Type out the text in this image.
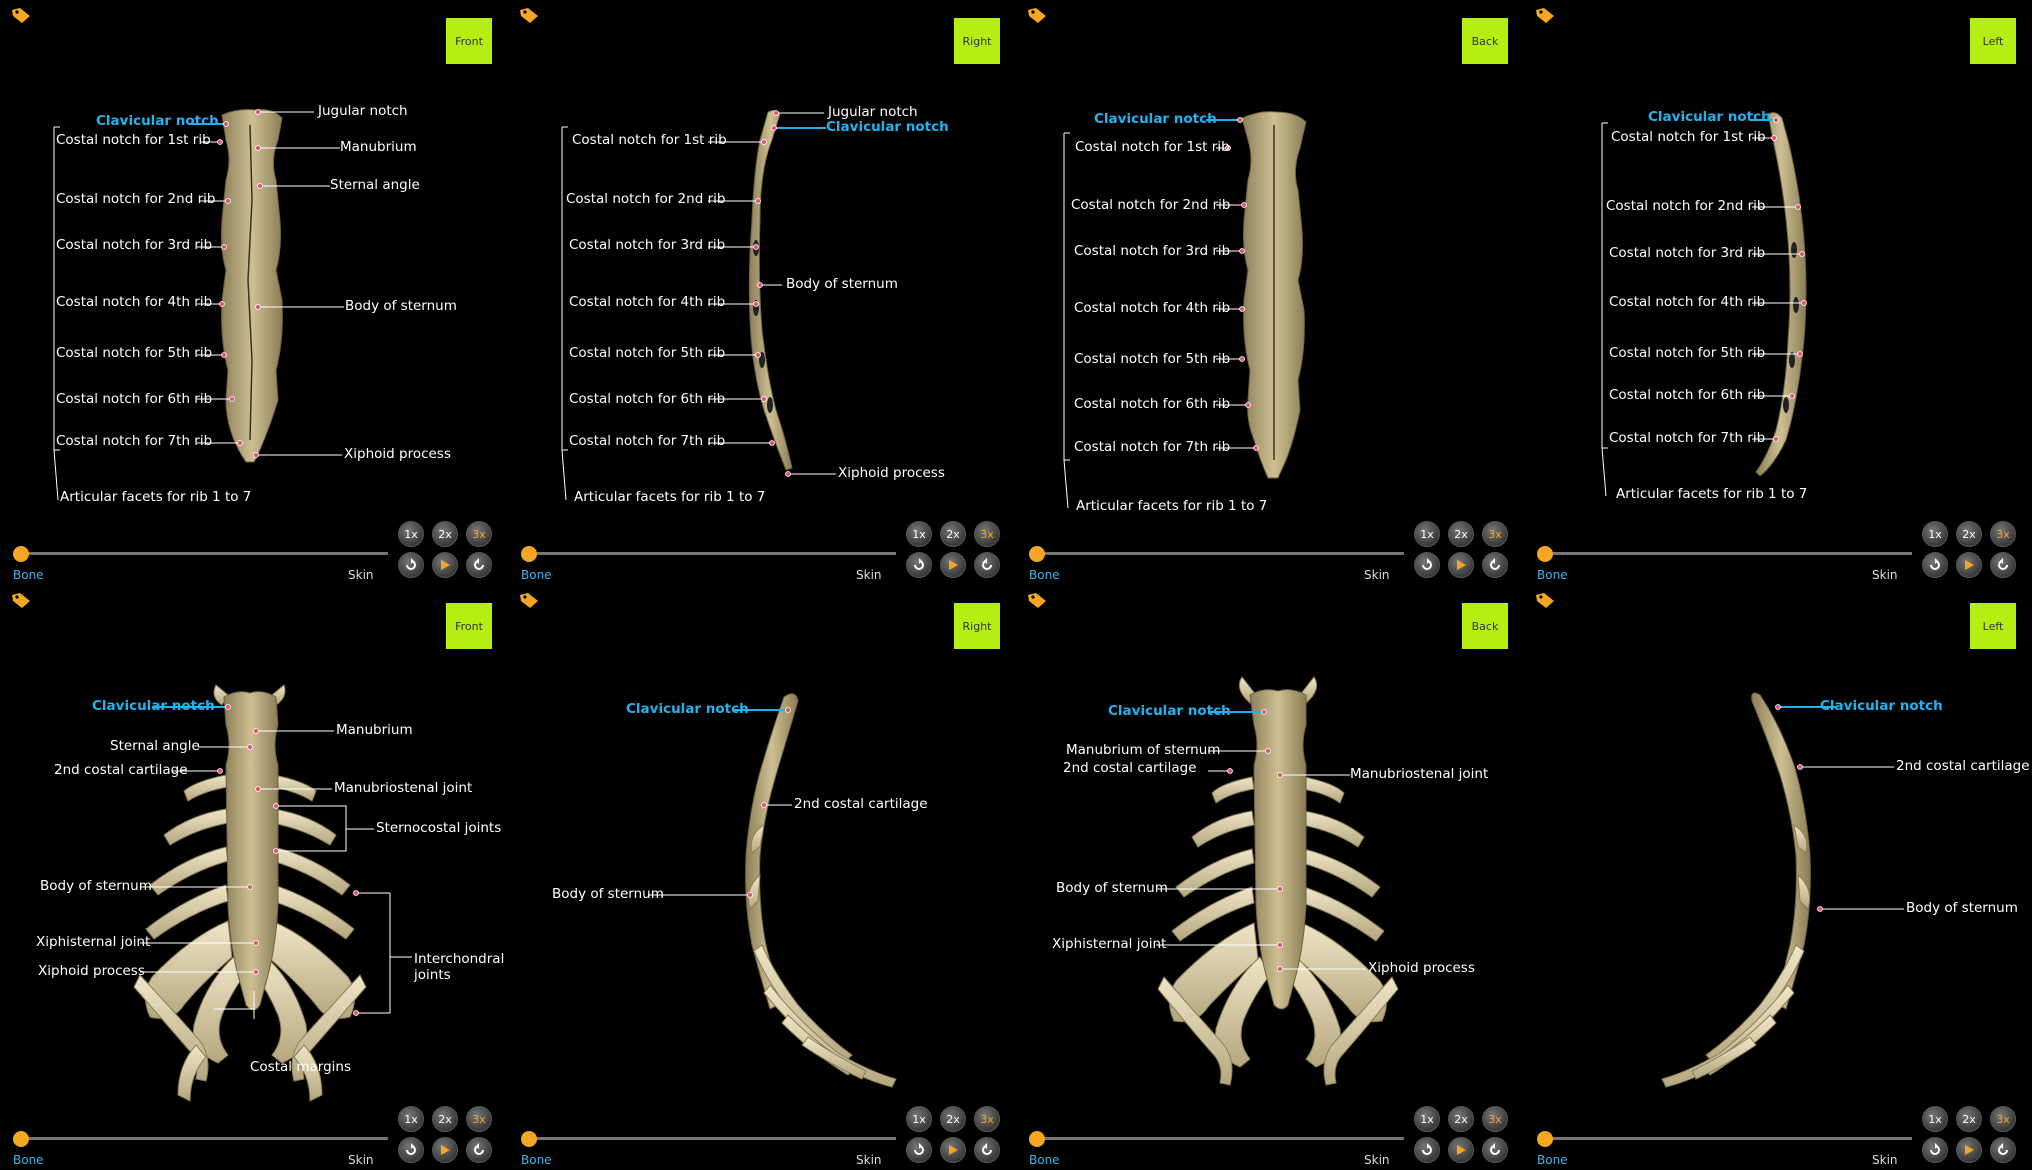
Front
Clavicular notch
Jugular notch
Costal notch for 1st rib	Manubrium
Sternal angle
Costal notch for 2nd rib
Costal notch for 3rd rib
Costal notch for 4th rib	Body of sternum
Costal notch for 5th rib
Costal notch for 6th rib
Costal notch for 7th rib
Xiphoid process
Articular facets for rib 1 to 7
Bone	Skin
1x	2x	3x
Right
Jugular notch
Clavicular notch
Costal notch for 1st rib
Costal notch for 2nd rib
Costal notch for 3rd rib
Body of sternum
Costal notch for 4th rib
Costal notch for 5th rib
Costal notch for 6th rib
Costal notch for 7th rib
Xiphoid process
Articular facets for rib 1 to 7
Bone	Skin
1x	2x	3x
Back
Clavicular notch
Costal notch for 1st rib
Costal notch for 2nd rib
Costal notch for 3rd rib
Costal notch for 4th rib
Costal notch for 5th rib
Costal notch for 6th rib
Costal notch for 7th rib
Articular facets for rib 1 to 7
Bone	Skin
1x	2x	3x
Left
Clavicular notch
Costal notch for 1st rib
Costal notch for 2nd rib
Costal notch for 3rd rib
Costal notch for 4th rib
Costal notch for 5th rib
Costal notch for 6th rib
Costal notch for 7th rib
Articular facets for rib 1 to 7
Bone	Skin
1x	2x	3x
Front
Clavicular notch
Manubrium
Sternal angle
2nd costal cartilage
Manubriostenal joint
Sternocostal joints
Body of sternum
Xiphisternal joint
Interchondral
joints
Xiphoid process
Costal margins
Bone	Skin
1x	2x	3x
Right
Clavicular notch
2nd costal cartilage
Body of sternum
Bone	Skin
1x	2x	3x
Back
Clavicular notch
Manubrium of sternum
2nd costal cartilage	Manubriostenal joint
Body of sternum
Xiphisternal joint
Xiphoid process
Bone	Skin
1x	2x	3x
Left
Clavicular notch
2nd costal cartilage
Body of sternum
Bone	Skin
1x	2x	3x
